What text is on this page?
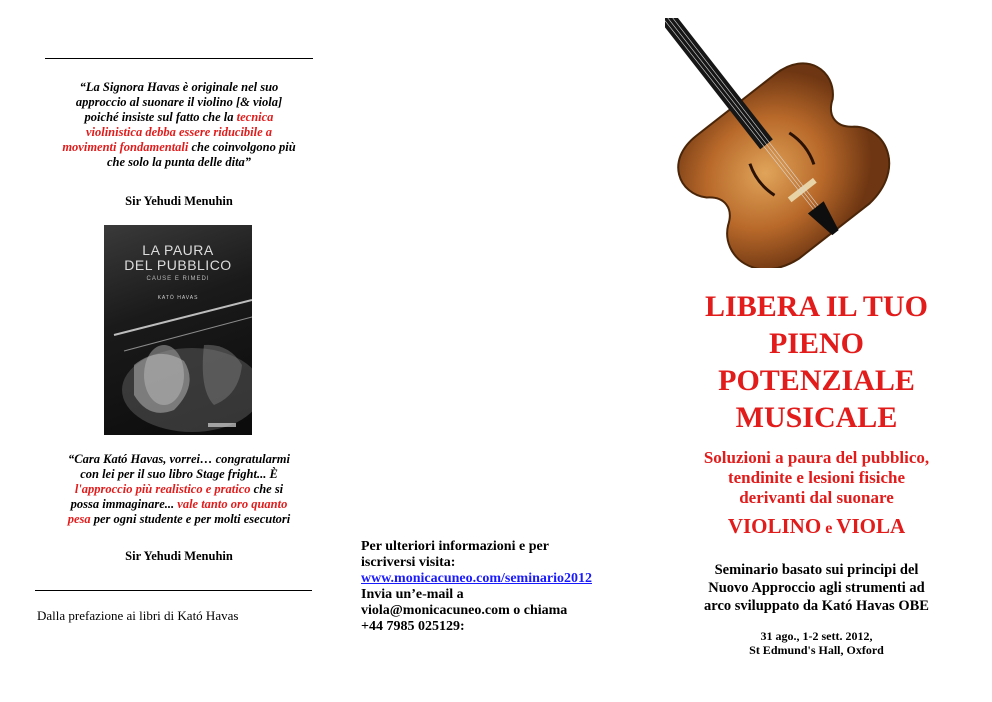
“La Signora Havas è originale nel suo
approccio al suonare il violino [& viola]
poiché insiste sul fatto che la tecnica
violinistica debba essere riducibile a
movimenti fondamentali che coinvolgono più
che solo la punta delle dita”
Sir Yehudi Menuhin
LA PAURA
DEL PUBBLICO
CAUSE E RIMEDI
KATÓ HAVAS
“Cara Kató Havas, vorrei… congratularmi
con lei per il suo libro Stage fright... È
l'approccio più realistico e pratico che si
possa immaginare... vale tanto oro quanto
pesa per ogni studente e per molti esecutori
Sir Yehudi Menuhin
Dalla prefazione ai libri di Kató Havas
Per ulteriori informazioni e per
iscriversi visita:
www.monicacuneo.com/seminario2012
Invia un’e-mail a
viola@monicacuneo.com o chiama
+44 7985 025129:
LIBERA IL TUO
PIENO
POTENZIALE
MUSICALE
Soluzioni a paura del pubblico,
tendinite e lesioni fisiche
derivanti dal suonare
VIOLINO e VIOLA
Seminario basato sui principi del
Nuovo Approccio agli strumenti ad
arco sviluppato da Kató Havas OBE
31 ago., 1-2 sett. 2012,
St Edmund's Hall, Oxford
